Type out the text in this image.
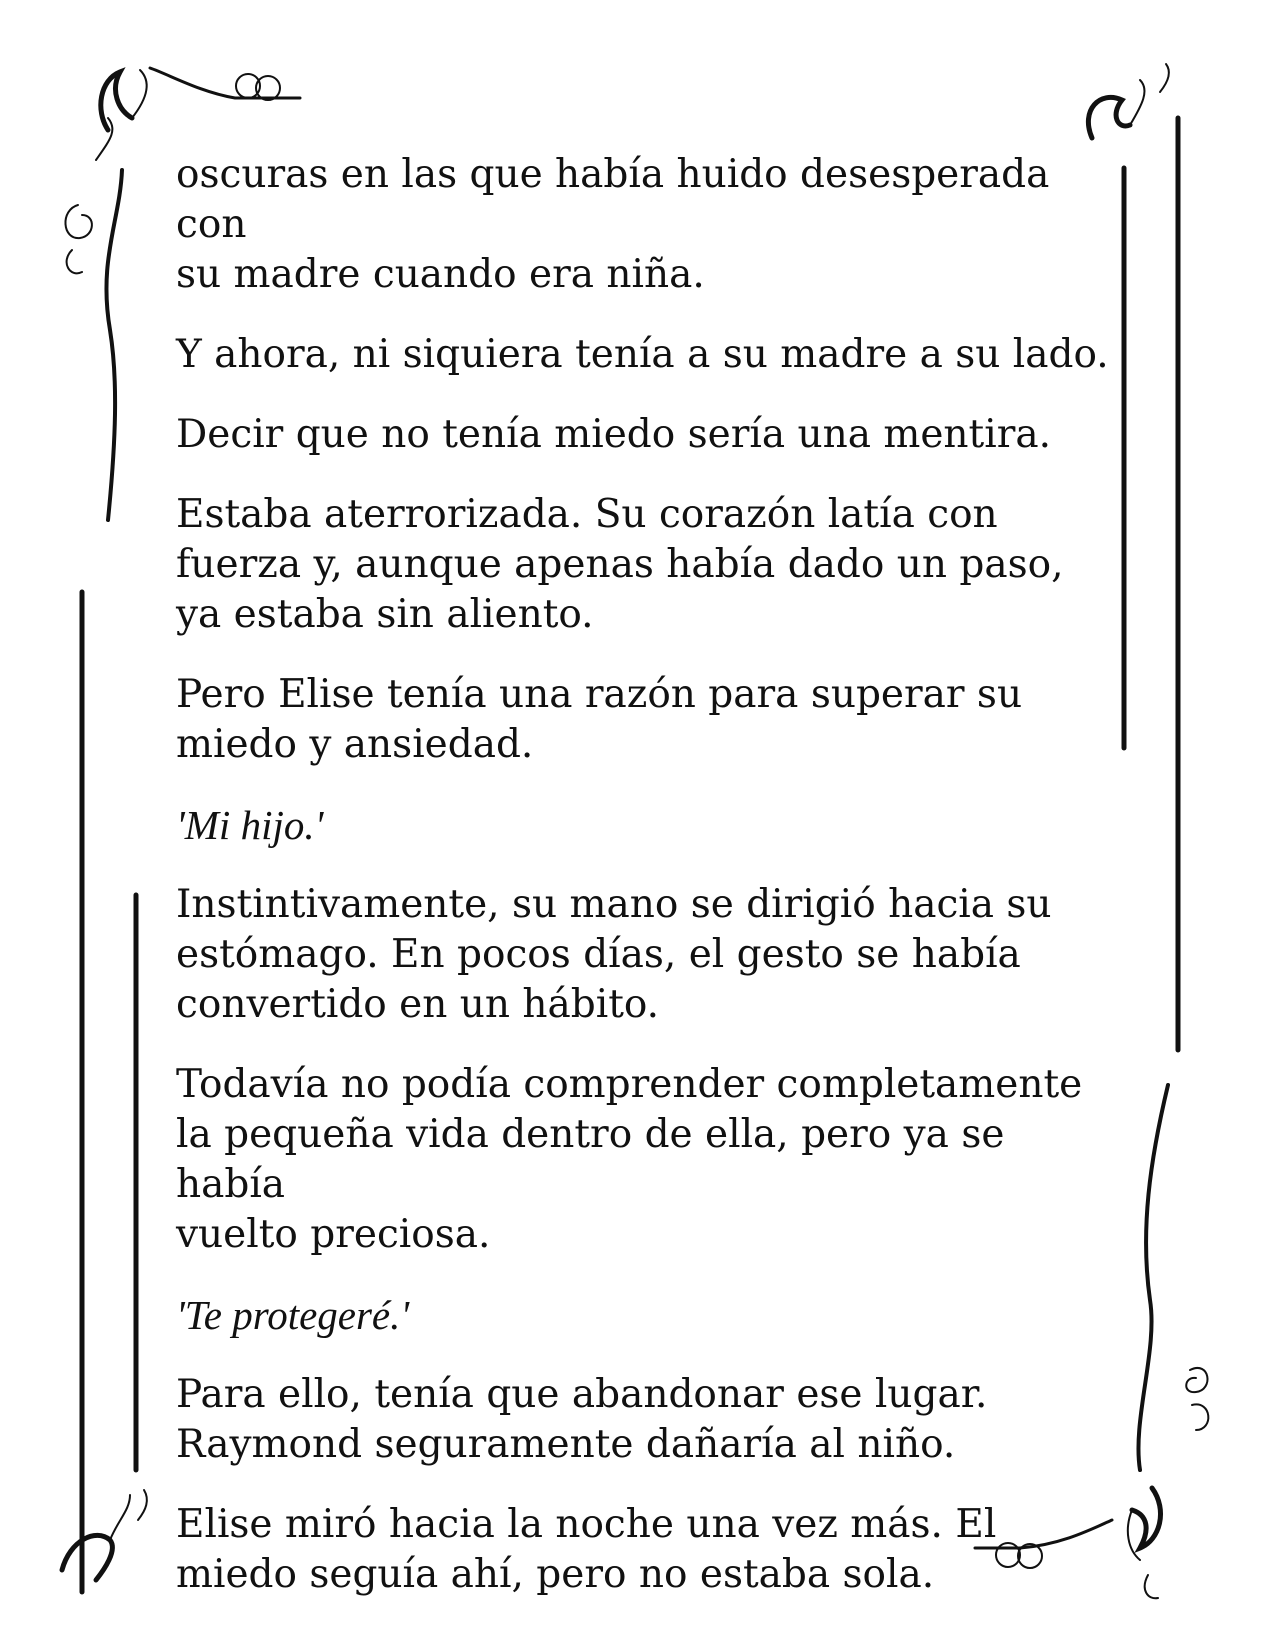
oscuras en las que había huido desesperada con
su madre cuando era niña.

Y ahora, ni siquiera tenía a su madre a su lado.

Decir que no tenía miedo sería una mentira.

Estaba aterrorizada. Su corazón latía con
fuerza y, aunque apenas había dado un paso,
ya estaba sin aliento.

Pero Elise tenía una razón para superar su
miedo y ansiedad.

'Mi hijo.'

Instintivamente, su mano se dirigió hacia su
estómago. En pocos días, el gesto se había
convertido en un hábito.

Todavía no podía comprender completamente
la pequeña vida dentro de ella, pero ya se había
vuelto preciosa.

'Te protegeré.'

Para ello, tenía que abandonar ese lugar.
Raymond seguramente dañaría al niño.

Elise miró hacia la noche una vez más. El
miedo seguía ahí, pero no estaba sola.
